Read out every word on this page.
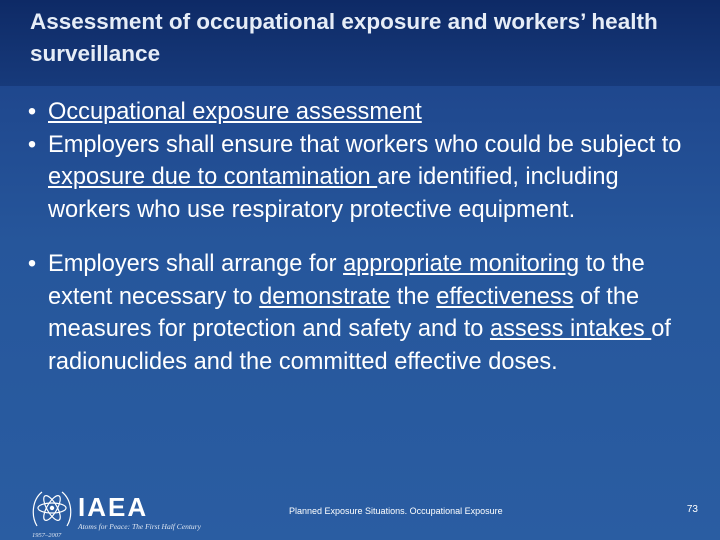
Assessment of occupational exposure and workers’ health surveillance
• Occupational exposure assessment
• Employers shall ensure that workers who could be subject to exposure due to contamination are identified, including workers who use respiratory protective equipment.
• Employers shall arrange for appropriate monitoring to the extent necessary to demonstrate the effectiveness of the measures for protection and safety and to assess intakes of radionuclides and the committed effective doses.
IAEA
Atoms for Peace: The First Half Century
1957–2007
Planned Exposure Situations. Occupational Exposure	73
